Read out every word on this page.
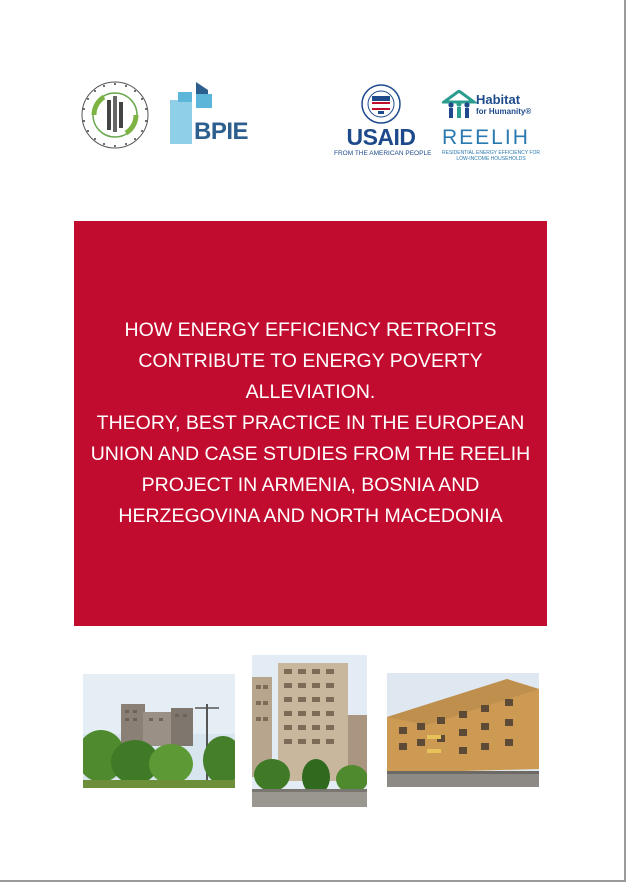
BPIE	USAID
FROM THE AMERICAN PEOPLE
Habitat
for Humanity®
REELIH
RESIDENTIAL ENERGY EFFICIENCY FOR LOW-INCOME HOUSEHOLDS
HOW ENERGY EFFICIENCY RETROFITS
CONTRIBUTE TO ENERGY POVERTY ALLEVIATION.
THEORY, BEST PRACTICE IN THE EUROPEAN
UNION AND CASE STUDIES FROM THE REELIH
PROJECT IN ARMENIA, BOSNIA AND
HERZEGOVINA AND NORTH MACEDONIA
